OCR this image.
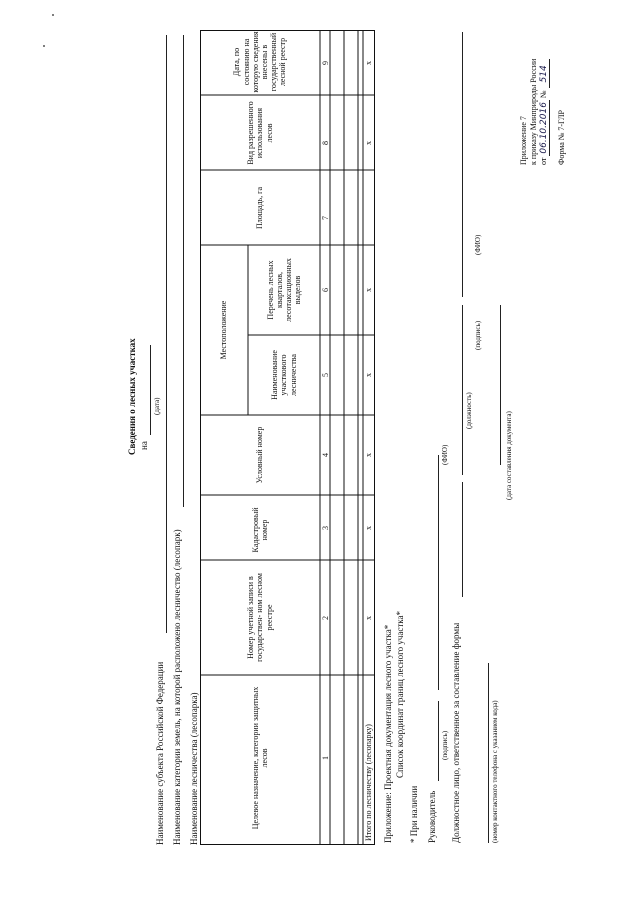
Приложение 7 к приказу Минприроды России от 06.10.2016 № 514
Форма № 7-ГЛР
Сведения о лесных участках на
(дата)
Наименование субъекта Российской Федерации Наименование категории земель, на которой расположено лесничество (лесопарк) Наименование лесничества (лесопарка)	Целевое назначение, категории защитных лесов
Номер учетной записи в государствен- ном лесном реестре
Кадастровый номер
Условный номер
Местоположение
Наименование участкового лесничества
Перечень лесных кварталов, лесотаксационных выделов
Площадь, га
Вид разрешенного использования лесов
Дата, по состоянию на которую сведения внесены в государственный лесной реестр
1
2
3
4
5
6
7
8
9
Итого по лесничеству (лесопарку)
x
x
x
x
x
x
x
Приложение: Проектная документация лесного участка* Список координат границ лесного участка*
* При наличии Руководитель
(подпись)
(ФИО)
Должностное лицо, ответственное за составление формы
(должность)
(подпись)
(ФИО)
(номер контактного телефона с указанием кода)
(дата составления документа)
